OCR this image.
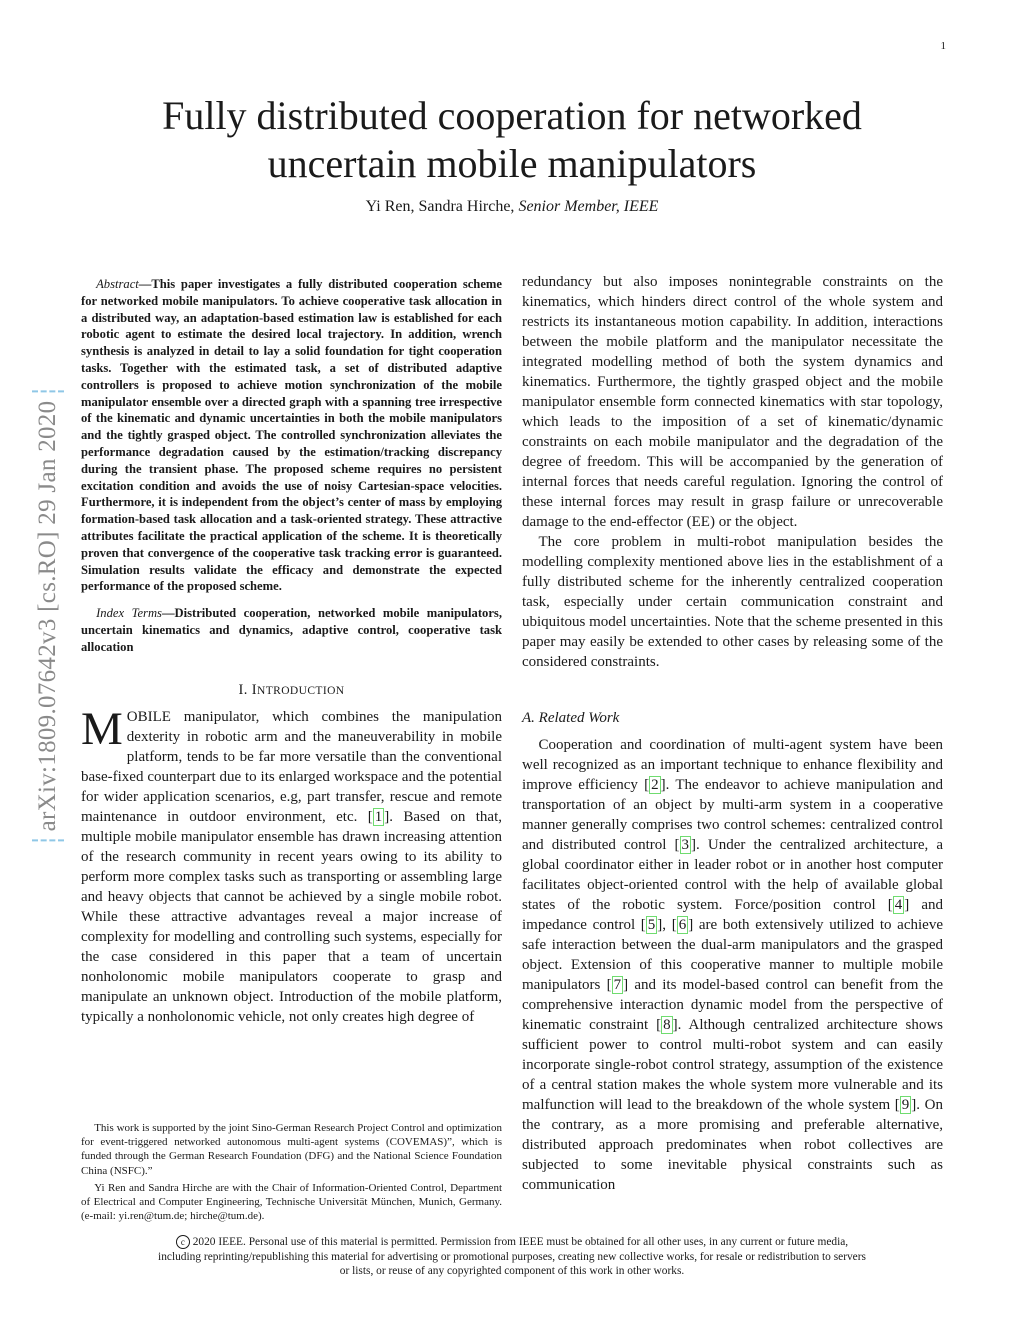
1
arXiv:1809.07642v3 [cs.RO] 29 Jan 2020
Fully distributed cooperation for networked
uncertain mobile manipulators
Yi Ren, Sandra Hirche, Senior Member, IEEE

Abstract—This paper investigates a fully distributed cooperation scheme for networked mobile manipulators. To achieve cooperative task allocation in a distributed way, an adaptation-based estimation law is established for each robotic agent to estimate the desired local trajectory. In addition, wrench synthesis is analyzed in detail to lay a solid foundation for tight cooperation tasks. Together with the estimated task, a set of distributed adaptive controllers is proposed to achieve motion synchronization of the mobile manipulator ensemble over a directed graph with a spanning tree irrespective of the kinematic and dynamic uncertainties in both the mobile manipulators and the tightly grasped object. The controlled synchronization alleviates the performance degradation caused by the estimation/tracking discrepancy during the transient phase. The proposed scheme requires no persistent excitation condition and avoids the use of noisy Cartesian-space velocities. Furthermore, it is independent from the object’s center of mass by employing formation-based task allocation and a task-oriented strategy. These attractive attributes facilitate the practical application of the scheme. It is theoretically proven that convergence of the cooperative task tracking error is guaranteed. Simulation results validate the efficacy and demonstrate the expected performance of the proposed scheme.

Index Terms—Distributed cooperation, networked mobile manipulators, uncertain kinematics and dynamics, adaptive control, cooperative task allocation

I. INTRODUCTION

MOBILE manipulator, which combines the manipulation dexterity in robotic arm and the maneuverability in mobile platform, tends to be far more versatile than the conventional base-fixed counterpart due to its enlarged workspace and the potential for wider application scenarios, e.g, part transfer, rescue and remote maintenance in outdoor environment, etc. [ 1 ]. Based on that, multiple mobile manipulator ensemble has drawn increasing attention of the research community in recent years owing to its ability to perform more complex tasks such as transporting or assembling large and heavy objects that cannot be achieved by a single mobile robot. While these attractive advantages reveal a major increase of complexity for modelling and controlling such systems, especially for the case considered in this paper that a team of uncertain nonholonomic mobile manipulators cooperate to grasp and manipulate an unknown object. Introduction of the mobile platform, typically a nonholonomic vehicle, not only creates high degree of

This work is supported by the joint Sino-German Research Project Control and optimization for event-triggered networked autonomous multi-agent systems (COVEMAS)”, which is funded through the German Research Foundation (DFG) and the National Science Foundation China (NSFC).”

Yi Ren and Sandra Hirche are with the Chair of Information-Oriented Control, Department of Electrical and Computer Engineering, Technische Universität München, Munich, Germany. (e-mail: yi.ren@tum.de; hirche@tum.de).

redundancy but also imposes nonintegrable constraints on the kinematics, which hinders direct control of the whole system and restricts its instantaneous motion capability. In addition, interactions between the mobile platform and the manipulator necessitate the integrated modelling method of both the system dynamics and kinematics. Furthermore, the tightly grasped object and the mobile manipulator ensemble form connected kinematics with star topology, which leads to the imposition of a set of kinematic/dynamic constraints on each mobile manipulator and the degradation of the degree of freedom. This will be accompanied by the generation of internal forces that needs careful regulation. Ignoring the control of these internal forces may result in grasp failure or unrecoverable damage to the end-effector (EE) or the object.

The core problem in multi-robot manipulation besides the modelling complexity mentioned above lies in the establishment of a fully distributed scheme for the inherently centralized cooperation task, especially under certain communication constraint and ubiquitous model uncertainties. Note that the scheme presented in this paper may easily be extended to other cases by releasing some of the considered constraints.

A. Related Work

Cooperation and coordination of multi-agent system have been well recognized as an important technique to enhance flexibility and improve efficiency [ 2 ]. The endeavor to achieve manipulation and transportation of an object by multi-arm system in a cooperative manner generally comprises two control schemes: centralized control and distributed control [ 3 ]. Under the centralized architecture, a global coordinator either in leader robot or in another host computer facilitates object-oriented control with the help of available global states of the robotic system. Force/position control [ 4 ] and impedance control [ 5 ], [ 6 ] are both extensively utilized to achieve safe interaction between the dual-arm manipulators and the grasped object. Extension of this cooperative manner to multiple mobile manipulators [ 7 ] and its model-based control can benefit from the comprehensive interaction dynamic model from the perspective of kinematic constraint [ 8 ]. Although centralized architecture shows sufficient power to control multi-robot system and can easily incorporate single-robot control strategy, assumption of the existence of a central station makes the whole system more vulnerable and its malfunction will lead to the breakdown of the whole system [ 9 ]. On the contrary, as a more promising and preferable alternative, distributed approach predominates when robot collectives are subjected to some inevitable physical constraints such as communication

c 2020 IEEE. Personal use of this material is permitted. Permission from IEEE must be obtained for all other uses, in any current or future media,
including reprinting/republishing this material for advertising or promotional purposes, creating new collective works, for resale or redistribution to servers
or lists, or reuse of any copyrighted component of this work in other works.
